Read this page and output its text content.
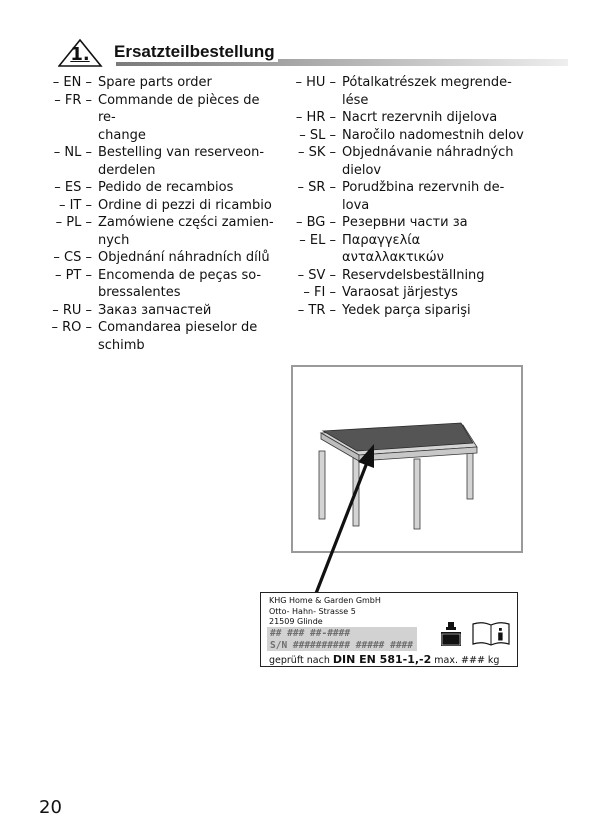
1. Ersatzteilbestellung
– EN – Spare parts order
– FR – Commande de pièces de re-
change
– NL – Bestelling van reserveon-
derdelen
– ES – Pedido de recambios
– IT – Ordine di pezzi di ricambio
– PL – Zamówiene części zamien-
nych
– CS – Objednání náhradních dílů
– PT – Encomenda de peças so-
bressalentes
– RU – Заказ запчастей
– RO – Comandarea pieselor de
schimb
– HU – Pótalkatrészek megrende-
lése
– HR – Nacrt rezervnih dijelova
– SL – Naročilo nadomestnih delov
– SK – Objednávanie náhradných
dielov
– SR – Porudžbina rezervnih de-
lova
– BG – Резервни части за
– EL – Παραγγελία
ανταλλακτικών
– SV – Reservdelsbeställning
– FI – Varaosat järjestys
– TR – Yedek parça siparişi
KHG Home & Garden GmbH
Otto- Hahn- Strasse 5
21509 Glinde
## ### ##-####
S/N ########## ##### ####
geprüft nach DIN EN 581-1,-2 max. ### kg
20
